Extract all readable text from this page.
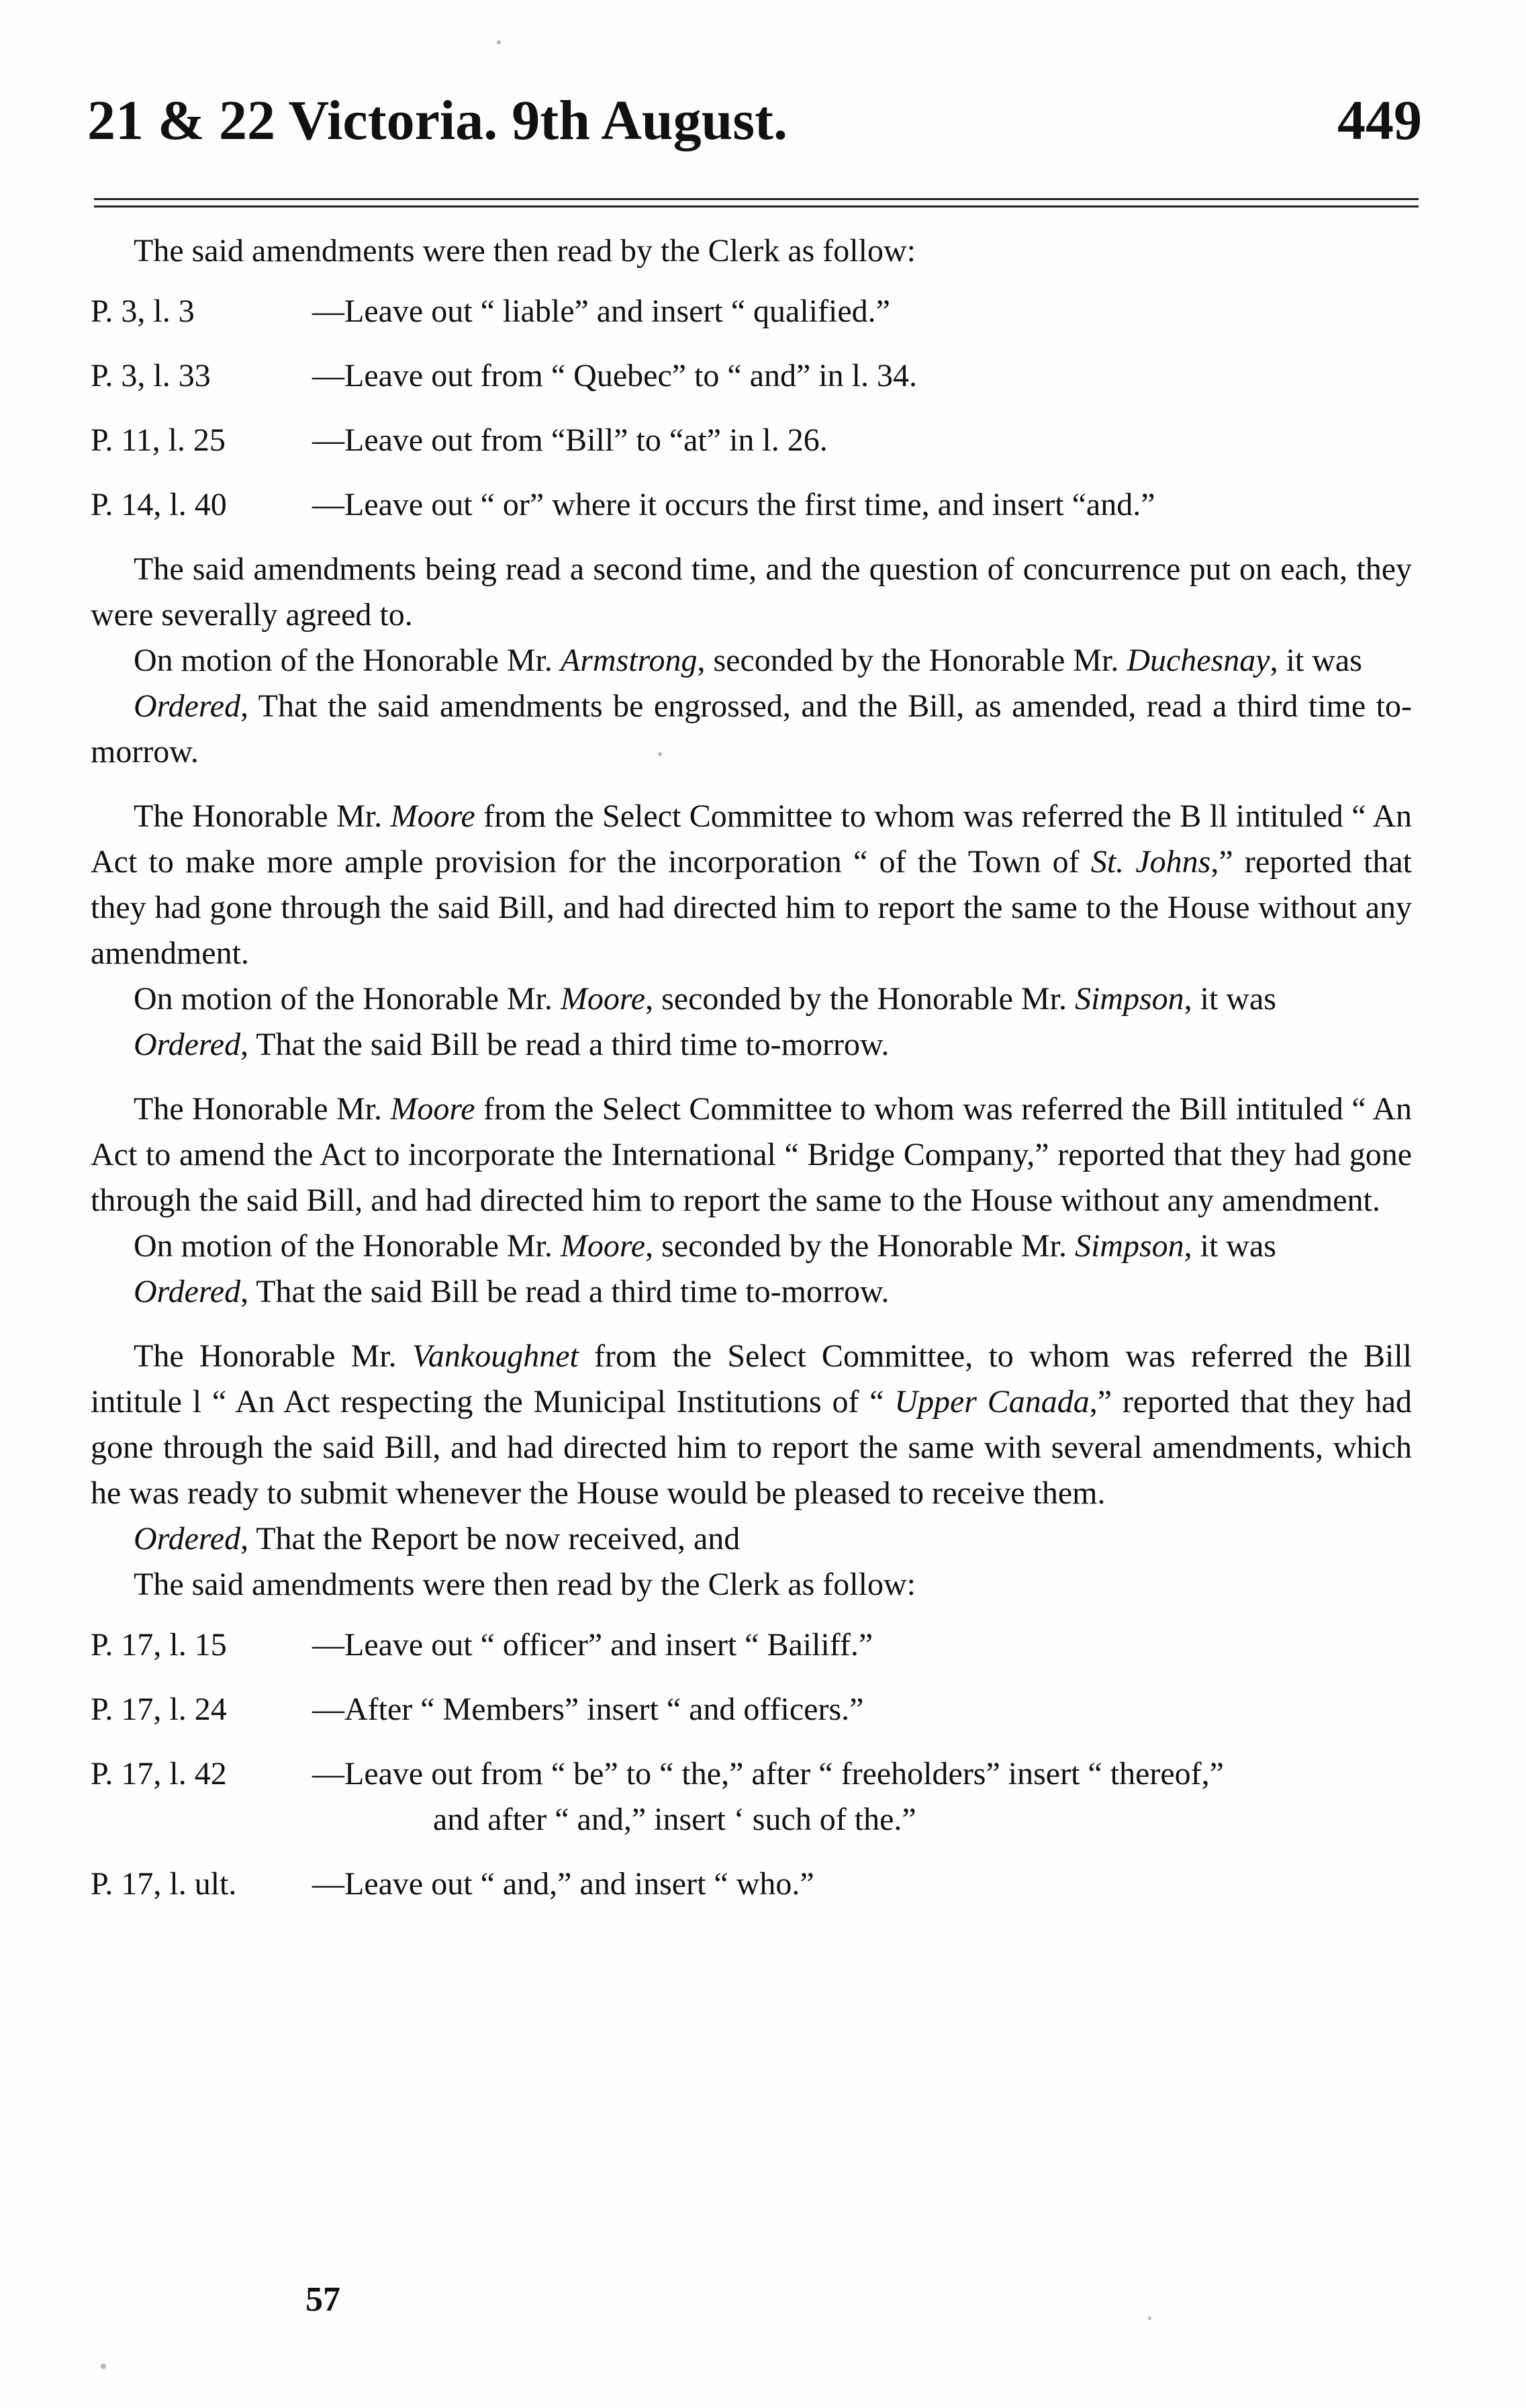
21 & 22 Victoria. 9th August.	449

The said amendments were then read by the Clerk as follow:

P. 3, l. 3	—Leave out “ liable” and insert “ qualified.”

P. 3, l. 33	—Leave out from “ Quebec” to “ and” in l. 34.

P. 11, l. 25	—Leave out from “Bill” to “at” in l. 26.

P. 14, l. 40	—Leave out “ or” where it occurs the first time, and insert “and.”

The said amendments being read a second time, and the question of concurrence put on each, they were severally agreed to.

On motion of the Honorable Mr. Armstrong, seconded by the Honorable Mr. Duchesnay, it was

Ordered, That the said amendments be engrossed, and the Bill, as amended, read a third time to-morrow.

The Honorable Mr. Moore from the Select Committee to whom was referred the B ll intituled “ An Act to make more ample provision for the incorporation “ of the Town of St. Johns,” reported that they had gone through the said Bill, and had directed him to report the same to the House without any amendment.

On motion of the Honorable Mr. Moore, seconded by the Honorable Mr. Simpson, it was

Ordered, That the said Bill be read a third time to-morrow.

The Honorable Mr. Moore from the Select Committee to whom was referred the Bill intituled “ An Act to amend the Act to incorporate the International “ Bridge Company,” reported that they had gone through the said Bill, and had directed him to report the same to the House without any amendment.

On motion of the Honorable Mr. Moore, seconded by the Honorable Mr. Simpson, it was

Ordered, That the said Bill be read a third time to-morrow.

The Honorable Mr. Vankoughnet from the Select Committee, to whom was referred the Bill intitule l “ An Act respecting the Municipal Institutions of “ Upper Canada,” reported that they had gone through the said Bill, and had directed him to report the same with several amendments, which he was ready to submit whenever the House would be pleased to receive them.

Ordered, That the Report be now received, and

The said amendments were then read by the Clerk as follow:

P. 17, l. 15	—Leave out “ officer” and insert “ Bailiff.”

P. 17, l. 24	—After “ Members” insert “ and officers.”

P. 17, l. 42	—Leave out from “ be” to “ the,” after “ freeholders” insert “ thereof,”

and after “ and,” insert ‘ such of the.”

P. 17, l. ult. —Leave out “ and,” and insert “ who.”

57
